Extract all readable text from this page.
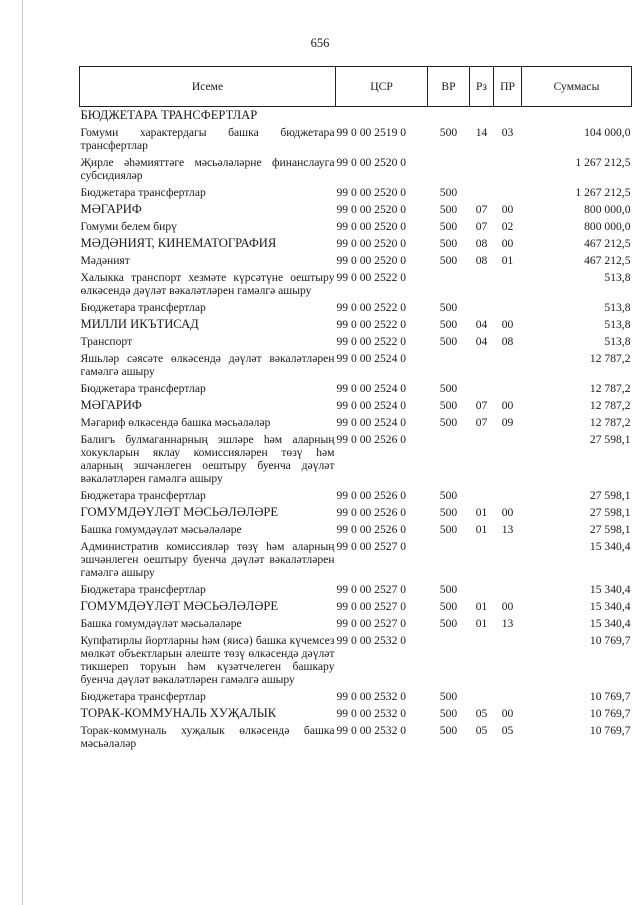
656
Исеме	ЦСР	ВР	Рз	ПР	Суммасы
БЮДЖЕТАРА ТРАНСФЕРТЛАР					
Гомуми характердагы башка бюджетара трансфертлар	99 0 00 2519 0	500	14	03	104 000,0
Җирле әһәмияттәге мәсьәләләрне финанслауга субсидияләр	99 0 00 2520 0				1 267 212,5
Бюджетара трансфертлар	99 0 00 2520 0	500			1 267 212,5
МӘГАРИФ	99 0 00 2520 0	500	07	00	800 000,0
Гомуми белем бирү	99 0 00 2520 0	500	07	02	800 000,0
МӘДӘНИЯТ, КИНЕМАТОГРАФИЯ	99 0 00 2520 0	500	08	00	467 212,5
Мәдәният	99 0 00 2520 0	500	08	01	467 212,5
Халыкка транспорт хезмәте күрсәтүне оештыру өлкәсендә дәүләт вәкаләтләрен гамәлгә ашыру	99 0 00 2522 0				513,8
Бюджетара трансфертлар	99 0 00 2522 0	500			513,8
МИЛЛИ ИКЪТИСАД	99 0 00 2522 0	500	04	00	513,8
Транспорт	99 0 00 2522 0	500	04	08	513,8
Яшьләр сәясәте өлкәсендә дәүләт вәкаләтләрен гамәлгә ашыру	99 0 00 2524 0				12 787,2
Бюджетара трансфертлар	99 0 00 2524 0	500			12 787,2
МӘГАРИФ	99 0 00 2524 0	500	07	00	12 787,2
Мәгариф өлкәсендә башка мәсьәләләр	99 0 00 2524 0	500	07	09	12 787,2
Балигъ булмаганнарның эшләре һәм аларның хокукларын яклау комиссияләрен төзү һәм аларның эшчәнлеген оештыру буенча дәүләт вәкаләтләрен гамәлгә ашыру	99 0 00 2526 0				27 598,1
Бюджетара трансфертлар	99 0 00 2526 0	500			27 598,1
ГОМУМДӘҮЛӘТ МӘСЬӘЛӘЛӘРЕ	99 0 00 2526 0	500	01	00	27 598,1
Башка гомумдәүләт мәсьәләләре	99 0 00 2526 0	500	01	13	27 598,1
Административ комиссияләр төзү һәм аларның эшчәнлеген оештыру буенча дәүләт вәкаләтләрен гамәлгә ашыру	99 0 00 2527 0				15 340,4
Бюджетара трансфертлар	99 0 00 2527 0	500			15 340,4
ГОМУМДӘҮЛӘТ МӘСЬӘЛӘЛӘРЕ	99 0 00 2527 0	500	01	00	15 340,4
Башка гомумдәүләт мәсьәләләре	99 0 00 2527 0	500	01	13	15 340,4
Купфатирлы йортларны һәм (яисә) башка күчемсез мөлкәт объектларын әлеште төзү өлкәсендә дәүләт тикшереп торуын һәм күзәтчелеген башкару буенча дәүләт вәкаләтләрен гамәлгә ашыру	99 0 00 2532 0				10 769,7
Бюджетара трансфертлар	99 0 00 2532 0	500			10 769,7
ТОРАК-КОММУНАЛЬ ХУҖАЛЫК	99 0 00 2532 0	500	05	00	10 769,7
Торак-коммуналь хуҗалык өлкәсендә башка мәсьәләләр	99 0 00 2532 0	500	05	05	10 769,7
